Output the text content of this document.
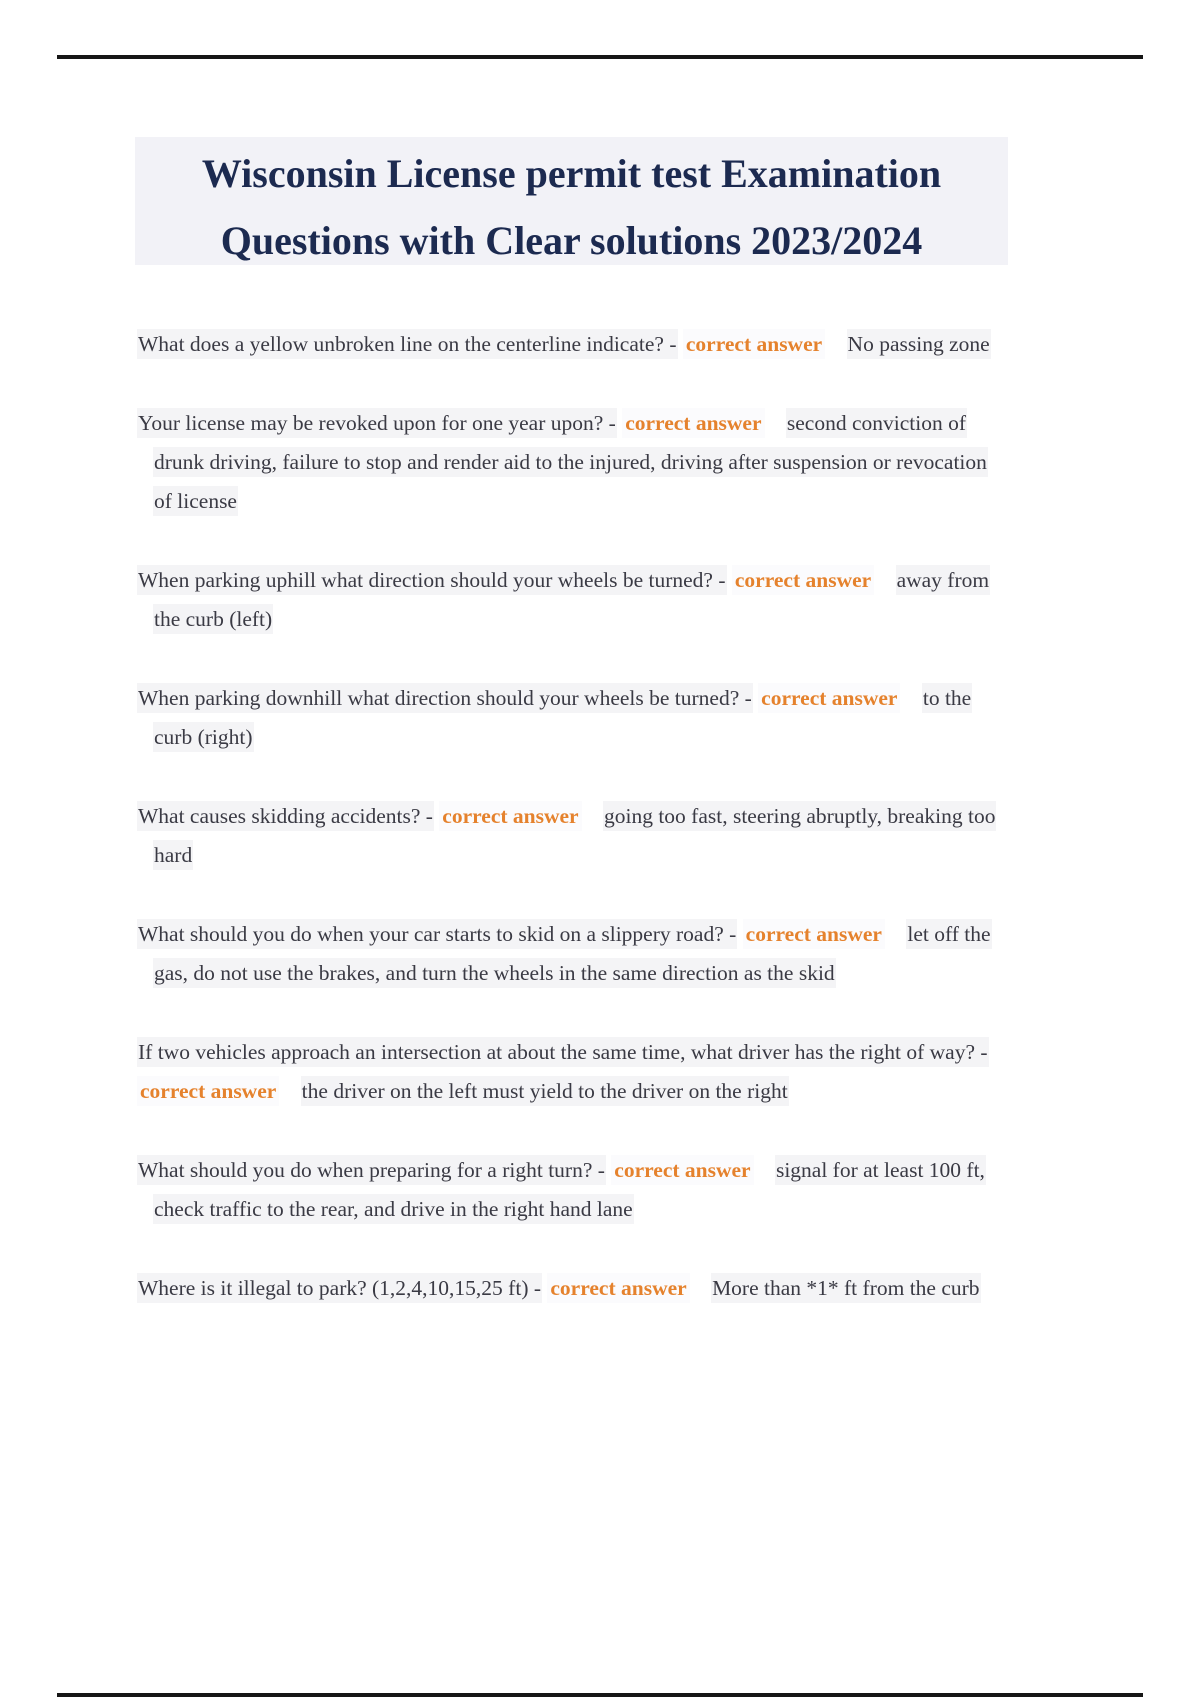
Wisconsin License permit test Examination
Questions with Clear solutions 2023/2024

What does a yellow unbroken line on the centerline indicate? - correct answer No passing zone

Your license may be revoked upon for one year upon? - correct answer second conviction of drunk driving, failure to stop and render aid to the injured, driving after suspension or revocation of license

When parking uphill what direction should your wheels be turned? - correct answer away from the curb (left)

When parking downhill what direction should your wheels be turned? - correct answer to the curb (right)

What causes skidding accidents? - correct answer going too fast, steering abruptly, breaking too hard

What should you do when your car starts to skid on a slippery road? - correct answer let off the gas, do not use the brakes, and turn the wheels in the same direction as the skid

If two vehicles approach an intersection at about the same time, what driver has the right of way? - correct answer the driver on the left must yield to the driver on the right

What should you do when preparing for a right turn? - correct answer signal for at least 100 ft, check traffic to the rear, and drive in the right hand lane

Where is it illegal to park? (1,2,4,10,15,25 ft) - correct answer More than *1* ft from the curb
